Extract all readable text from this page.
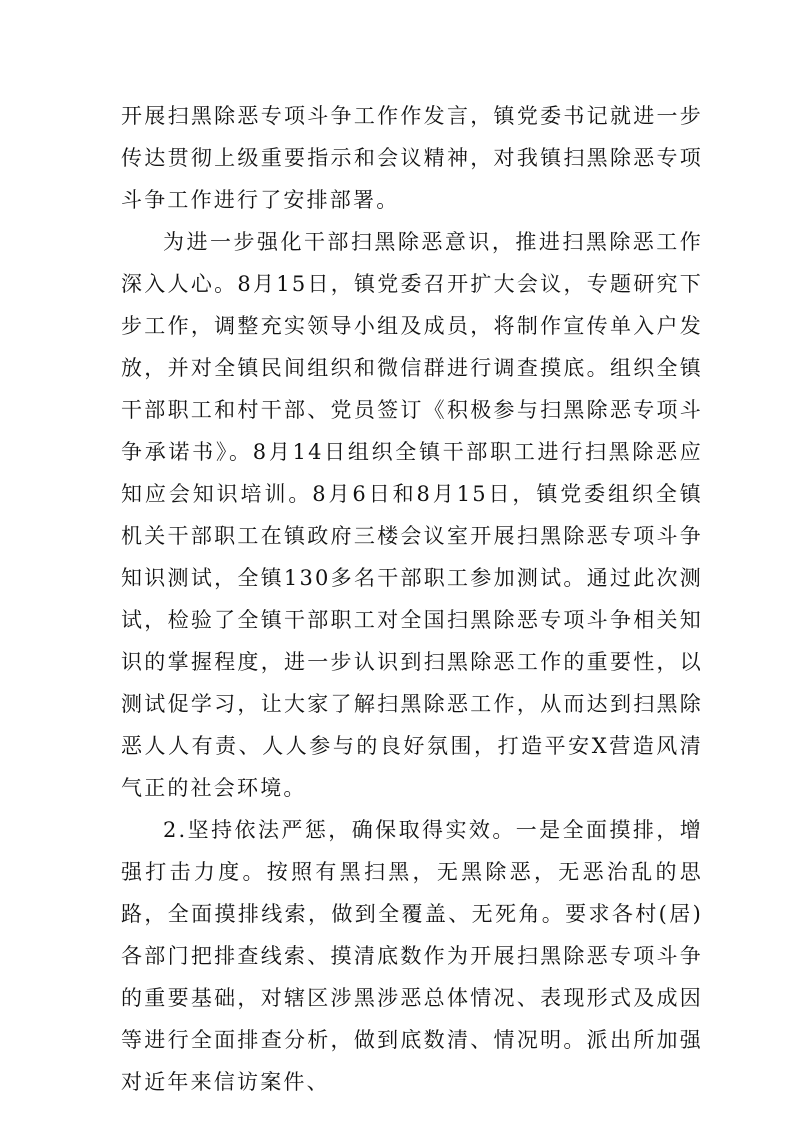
开展扫黑除恶专项斗争工作作发言，镇党委书记就进一步传达贯彻上级重要指示和会议精神，对我镇扫黑除恶专项斗争工作进行了安排部署。

为进一步强化干部扫黑除恶意识，推进扫黑除恶工作深入人心。8月15日，镇党委召开扩大会议，专题研究下步工作，调整充实领导小组及成员，将制作宣传单入户发放，并对全镇民间组织和微信群进行调查摸底。组织全镇干部职工和村干部、党员签订《积极参与扫黑除恶专项斗争承诺书》。8月14日组织全镇干部职工进行扫黑除恶应知应会知识培训。8月6日和8月15日，镇党委组织全镇机关干部职工在镇政府三楼会议室开展扫黑除恶专项斗争知识测试，全镇130多名干部职工参加测试。通过此次测试，检验了全镇干部职工对全国扫黑除恶专项斗争相关知识的掌握程度，进一步认识到扫黑除恶工作的重要性，以测试促学习，让大家了解扫黑除恶工作，从而达到扫黑除恶人人有责、人人参与的良好氛围，打造平安X营造风清气正的社会环境。

2.坚持依法严惩，确保取得实效。一是全面摸排，增强打击力度。按照有黑扫黑，无黑除恶，无恶治乱的思路，全面摸排线索，做到全覆盖、无死角。要求各村(居)各部门把排查线索、摸清底数作为开展扫黑除恶专项斗争的重要基础，对辖区涉黑涉恶总体情况、表现形式及成因等进行全面排查分析，做到底数清、情况明。派出所加强对近年来信访案件、
